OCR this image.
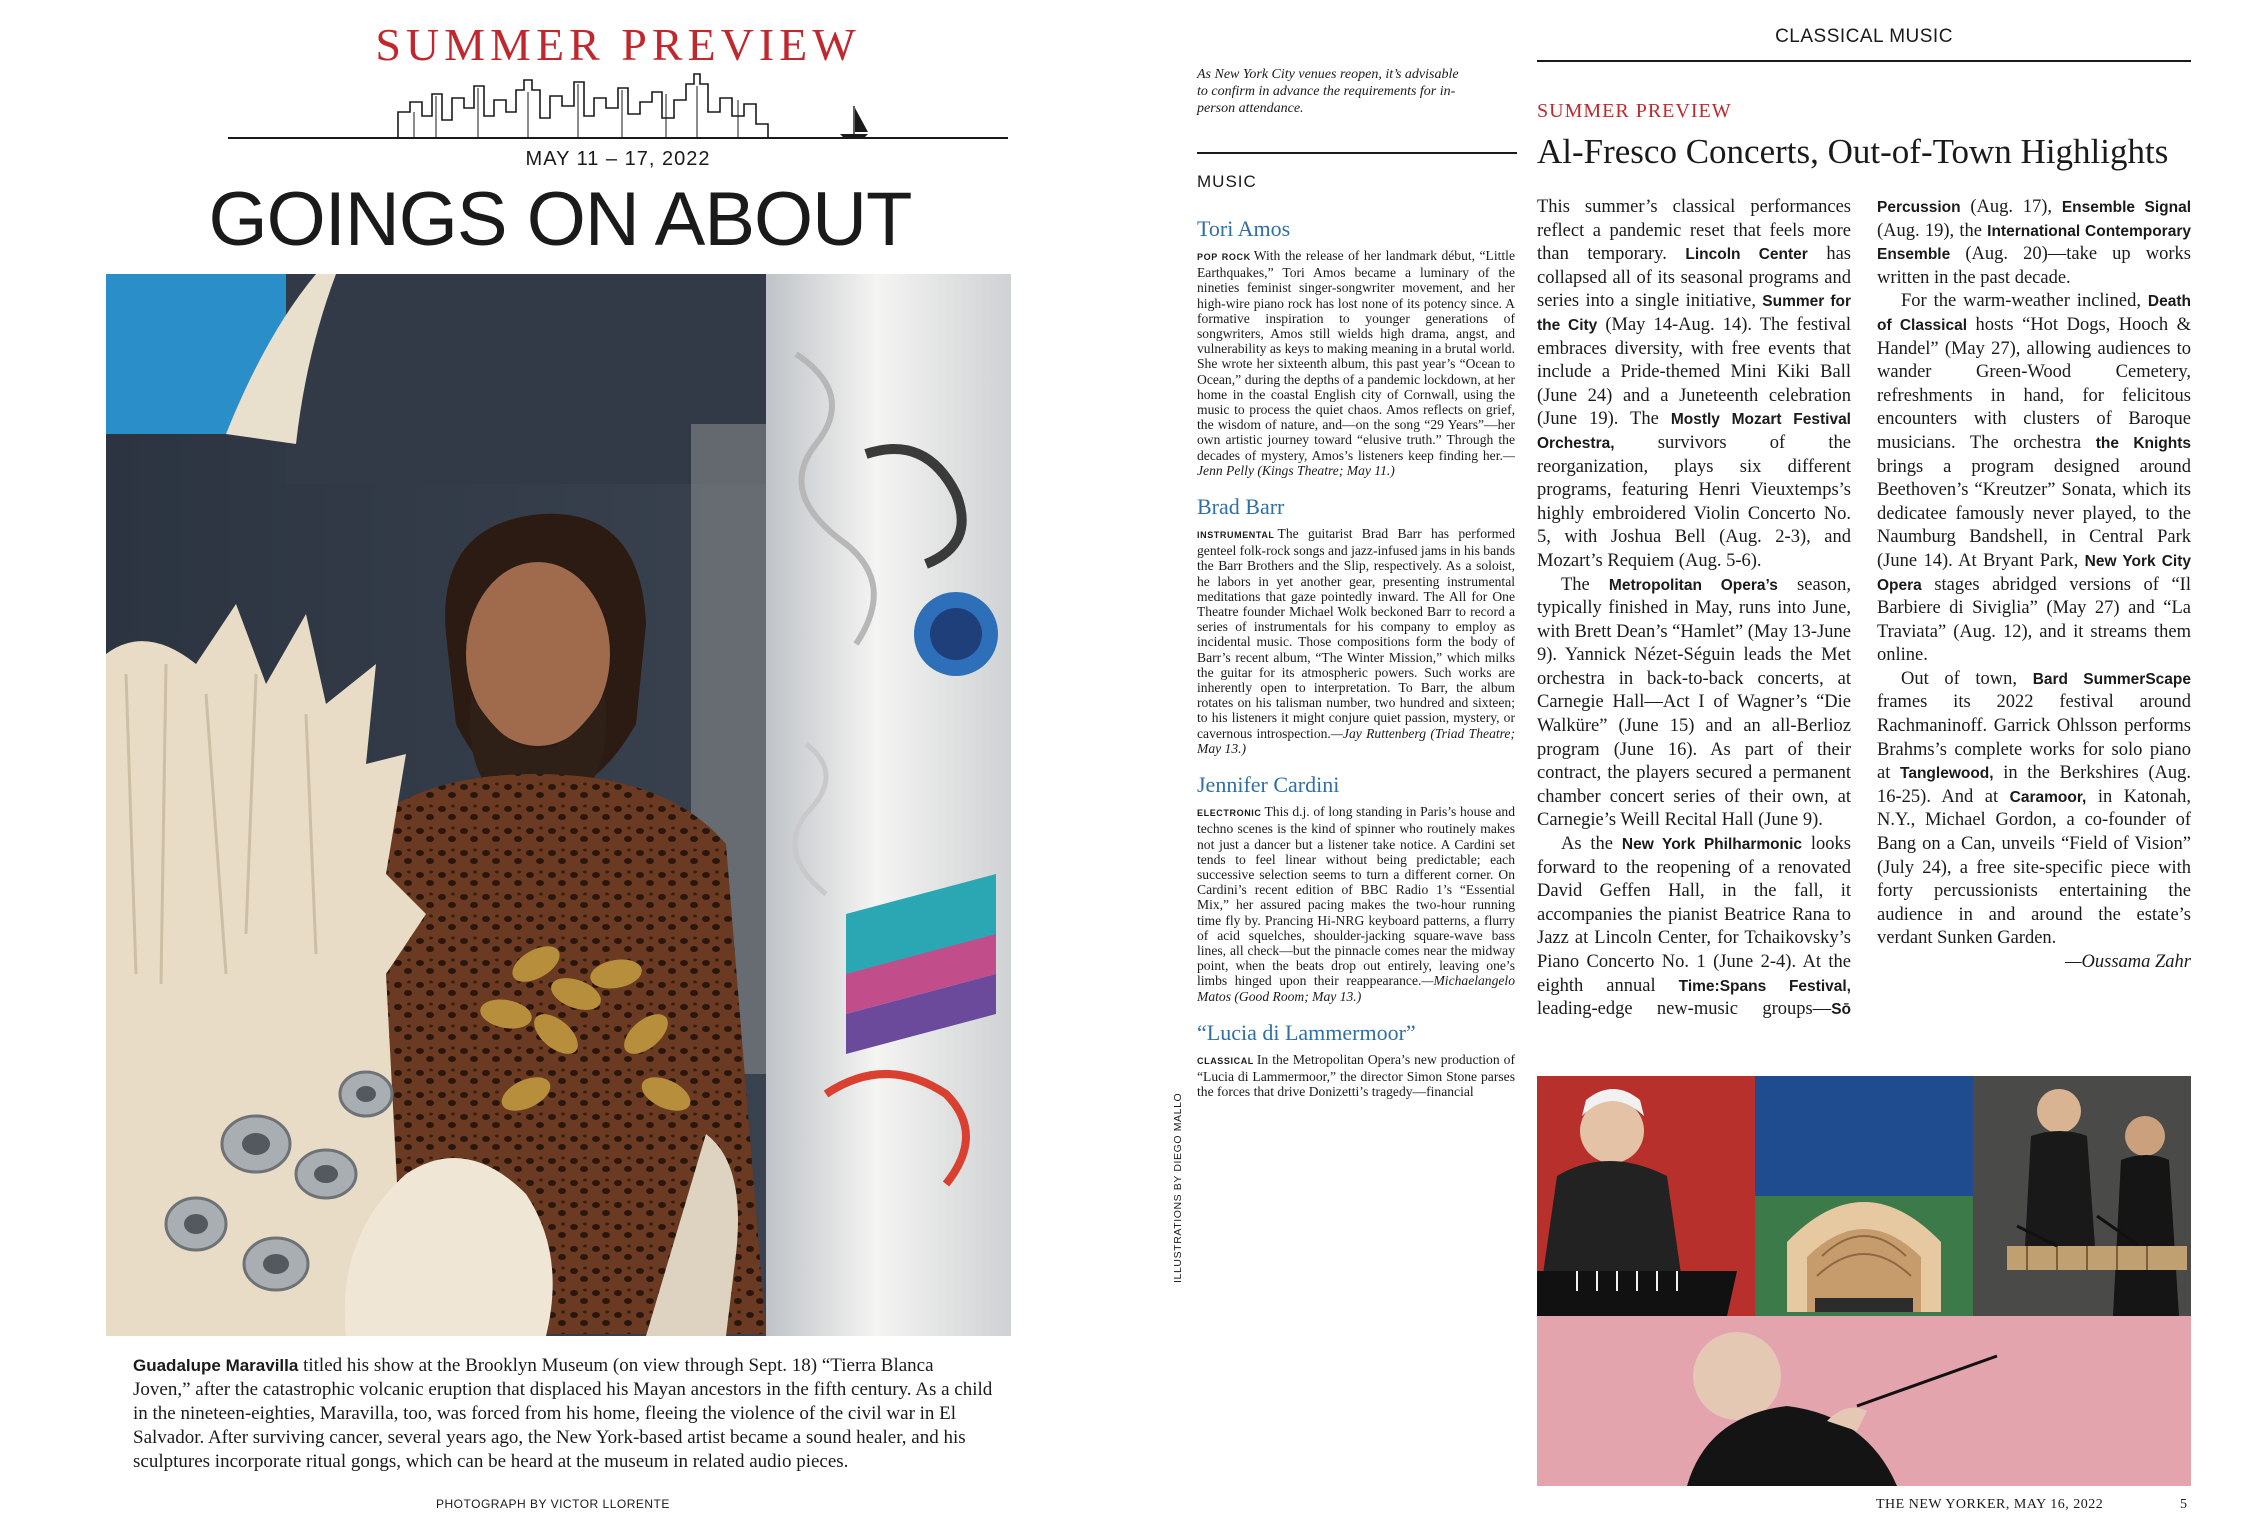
SUMMER PREVIEW
MAY 11 – 17, 2022
GOINGS ON ABOUT
Guadalupe Maravilla titled his show at the Brooklyn Museum (on view through Sept. 18) “Tierra Blanca Joven,” after the catastrophic volcanic eruption that displaced his Mayan ancestors in the fifth century. As a child in the nineteen-eighties, Maravilla, too, was forced from his home, fleeing the violence of the civil war in El Salvador. After surviving cancer, several years ago, the New York-based artist became a sound healer, and his sculptures incorporate ritual gongs, which can be heard at the museum in related audio pieces.
PHOTOGRAPH BY VICTOR LLORENTE
As New York City venues reopen, it’s advisable to confirm in advance the requirements for in-person attendance.
MUSIC
Tori Amos
POP ROCK With the release of her landmark début, “Little Earthquakes,” Tori Amos became a luminary of the nineties feminist singer-songwriter movement, and her high-wire piano rock has lost none of its potency since. A formative inspiration to younger generations of songwriters, Amos still wields high drama, angst, and vulnerability as keys to making meaning in a brutal world. She wrote her sixteenth album, this past year’s “Ocean to Ocean,” during the depths of a pandemic lockdown, at her home in the coastal English city of Cornwall, using the music to process the quiet chaos. Amos reflects on grief, the wisdom of nature, and—on the song “29 Years”—her own artistic journey toward “elusive truth.” Through the decades of mystery, Amos’s listeners keep finding her.—Jenn Pelly (Kings Theatre; May 11.)
Brad Barr
INSTRUMENTAL The guitarist Brad Barr has performed genteel folk-rock songs and jazz-infused jams in his bands the Barr Brothers and the Slip, respectively. As a soloist, he labors in yet another gear, presenting instrumental meditations that gaze pointedly inward. The All for One Theatre founder Michael Wolk beckoned Barr to record a series of instrumentals for his company to employ as incidental music. Those compositions form the body of Barr’s recent album, “The Winter Mission,” which milks the guitar for its atmospheric powers. Such works are inherently open to interpretation. To Barr, the album rotates on his talisman number, two hundred and sixteen; to his listeners it might conjure quiet passion, mystery, or cavernous introspection.—Jay Ruttenberg (Triad Theatre; May 13.)
Jennifer Cardini
ELECTRONIC This d.j. of long standing in Paris’s house and techno scenes is the kind of spinner who routinely makes not just a dancer but a listener take notice. A Cardini set tends to feel linear without being predictable; each successive selection seems to turn a different corner. On Cardini’s recent edition of BBC Radio 1’s “Essential Mix,” her assured pacing makes the two-hour running time fly by. Prancing Hi-NRG keyboard patterns, a flurry of acid squelches, shoulder-jacking square-wave bass lines, all check—but the pinnacle comes near the midway point, when the beats drop out entirely, leaving one’s limbs hinged upon their reappearance.—Michaelangelo Matos (Good Room; May 13.)
“Lucia di Lammermoor”
CLASSICAL In the Metropolitan Opera’s new production of “Lucia di Lammermoor,” the director Simon Stone parses the forces that drive Donizetti’s tragedy—financial
ILLUSTRATIONS BY DIEGO MALLO
CLASSICAL MUSIC
SUMMER PREVIEW
Al-Fresco Concerts, Out-of-Town Highlights

This summer’s classical performances reflect a pandemic reset that feels more than temporary. Lincoln Center has collapsed all of its seasonal programs and series into a single initiative, Summer for the City (May 14-Aug. 14). The festival embraces diversity, with free events that include a Pride-themed Mini Kiki Ball (June 24) and a Juneteenth celebration (June 19). The Mostly Mozart Festival Orchestra, survivors of the reorganization, plays six different programs, featuring Henri Vieuxtemps’s highly embroidered Violin Concerto No. 5, with Joshua Bell (Aug. 2-3), and Mozart’s Requiem (Aug. 5-6).

The Metropolitan Opera’s season, typically finished in May, runs into June, with Brett Dean’s “Hamlet” (May 13-June 9). Yannick Nézet-Séguin leads the Met orchestra in back-to-back concerts, at Carnegie Hall—Act I of Wagner’s “Die Walküre” (June 15) and an all-Berlioz program (June 16). As part of their contract, the players secured a permanent chamber concert series of their own, at Carnegie’s Weill Recital Hall (June 9).

As the New York Philharmonic looks forward to the reopening of a renovated David Geffen Hall, in the fall, it accompanies the pianist Beatrice Rana to Jazz at Lincoln Center, for Tchaikovsky’s Piano Concerto No. 1 (June 2-4). At the eighth annual Time:Spans Festival, leading-edge new-music groups—Sō Percussion (Aug. 17), Ensemble Signal (Aug. 19), the International Contemporary Ensemble (Aug. 20)—take up works written in the past decade.

For the warm-weather inclined, Death of Classical hosts “Hot Dogs, Hooch & Handel” (May 27), allowing audiences to wander Green-Wood Cemetery, refreshments in hand, for felicitous encounters with clusters of Baroque musicians. The orchestra the Knights brings a program designed around Beethoven’s “Kreutzer” Sonata, which its dedicatee famously never played, to the Naumburg Bandshell, in Central Park (June 14). At Bryant Park, New York City Opera stages abridged versions of “Il Barbiere di Siviglia” (May 27) and “La Traviata” (Aug. 12), and it streams them online.

Out of town, Bard SummerScape frames its 2022 festival around Rachmaninoff. Garrick Ohlsson performs Brahms’s complete works for solo piano at Tanglewood, in the Berkshires (Aug. 16-25). And at Caramoor, in Katonah, N.Y., Michael Gordon, a co-founder of Bang on a Can, unveils “Field of Vision” (July 24), a free site-specific piece with forty percussionists entertaining the audience in and around the estate’s verdant Sunken Garden.

—Oussama Zahr

THE NEW YORKER, MAY 16, 2022	5
